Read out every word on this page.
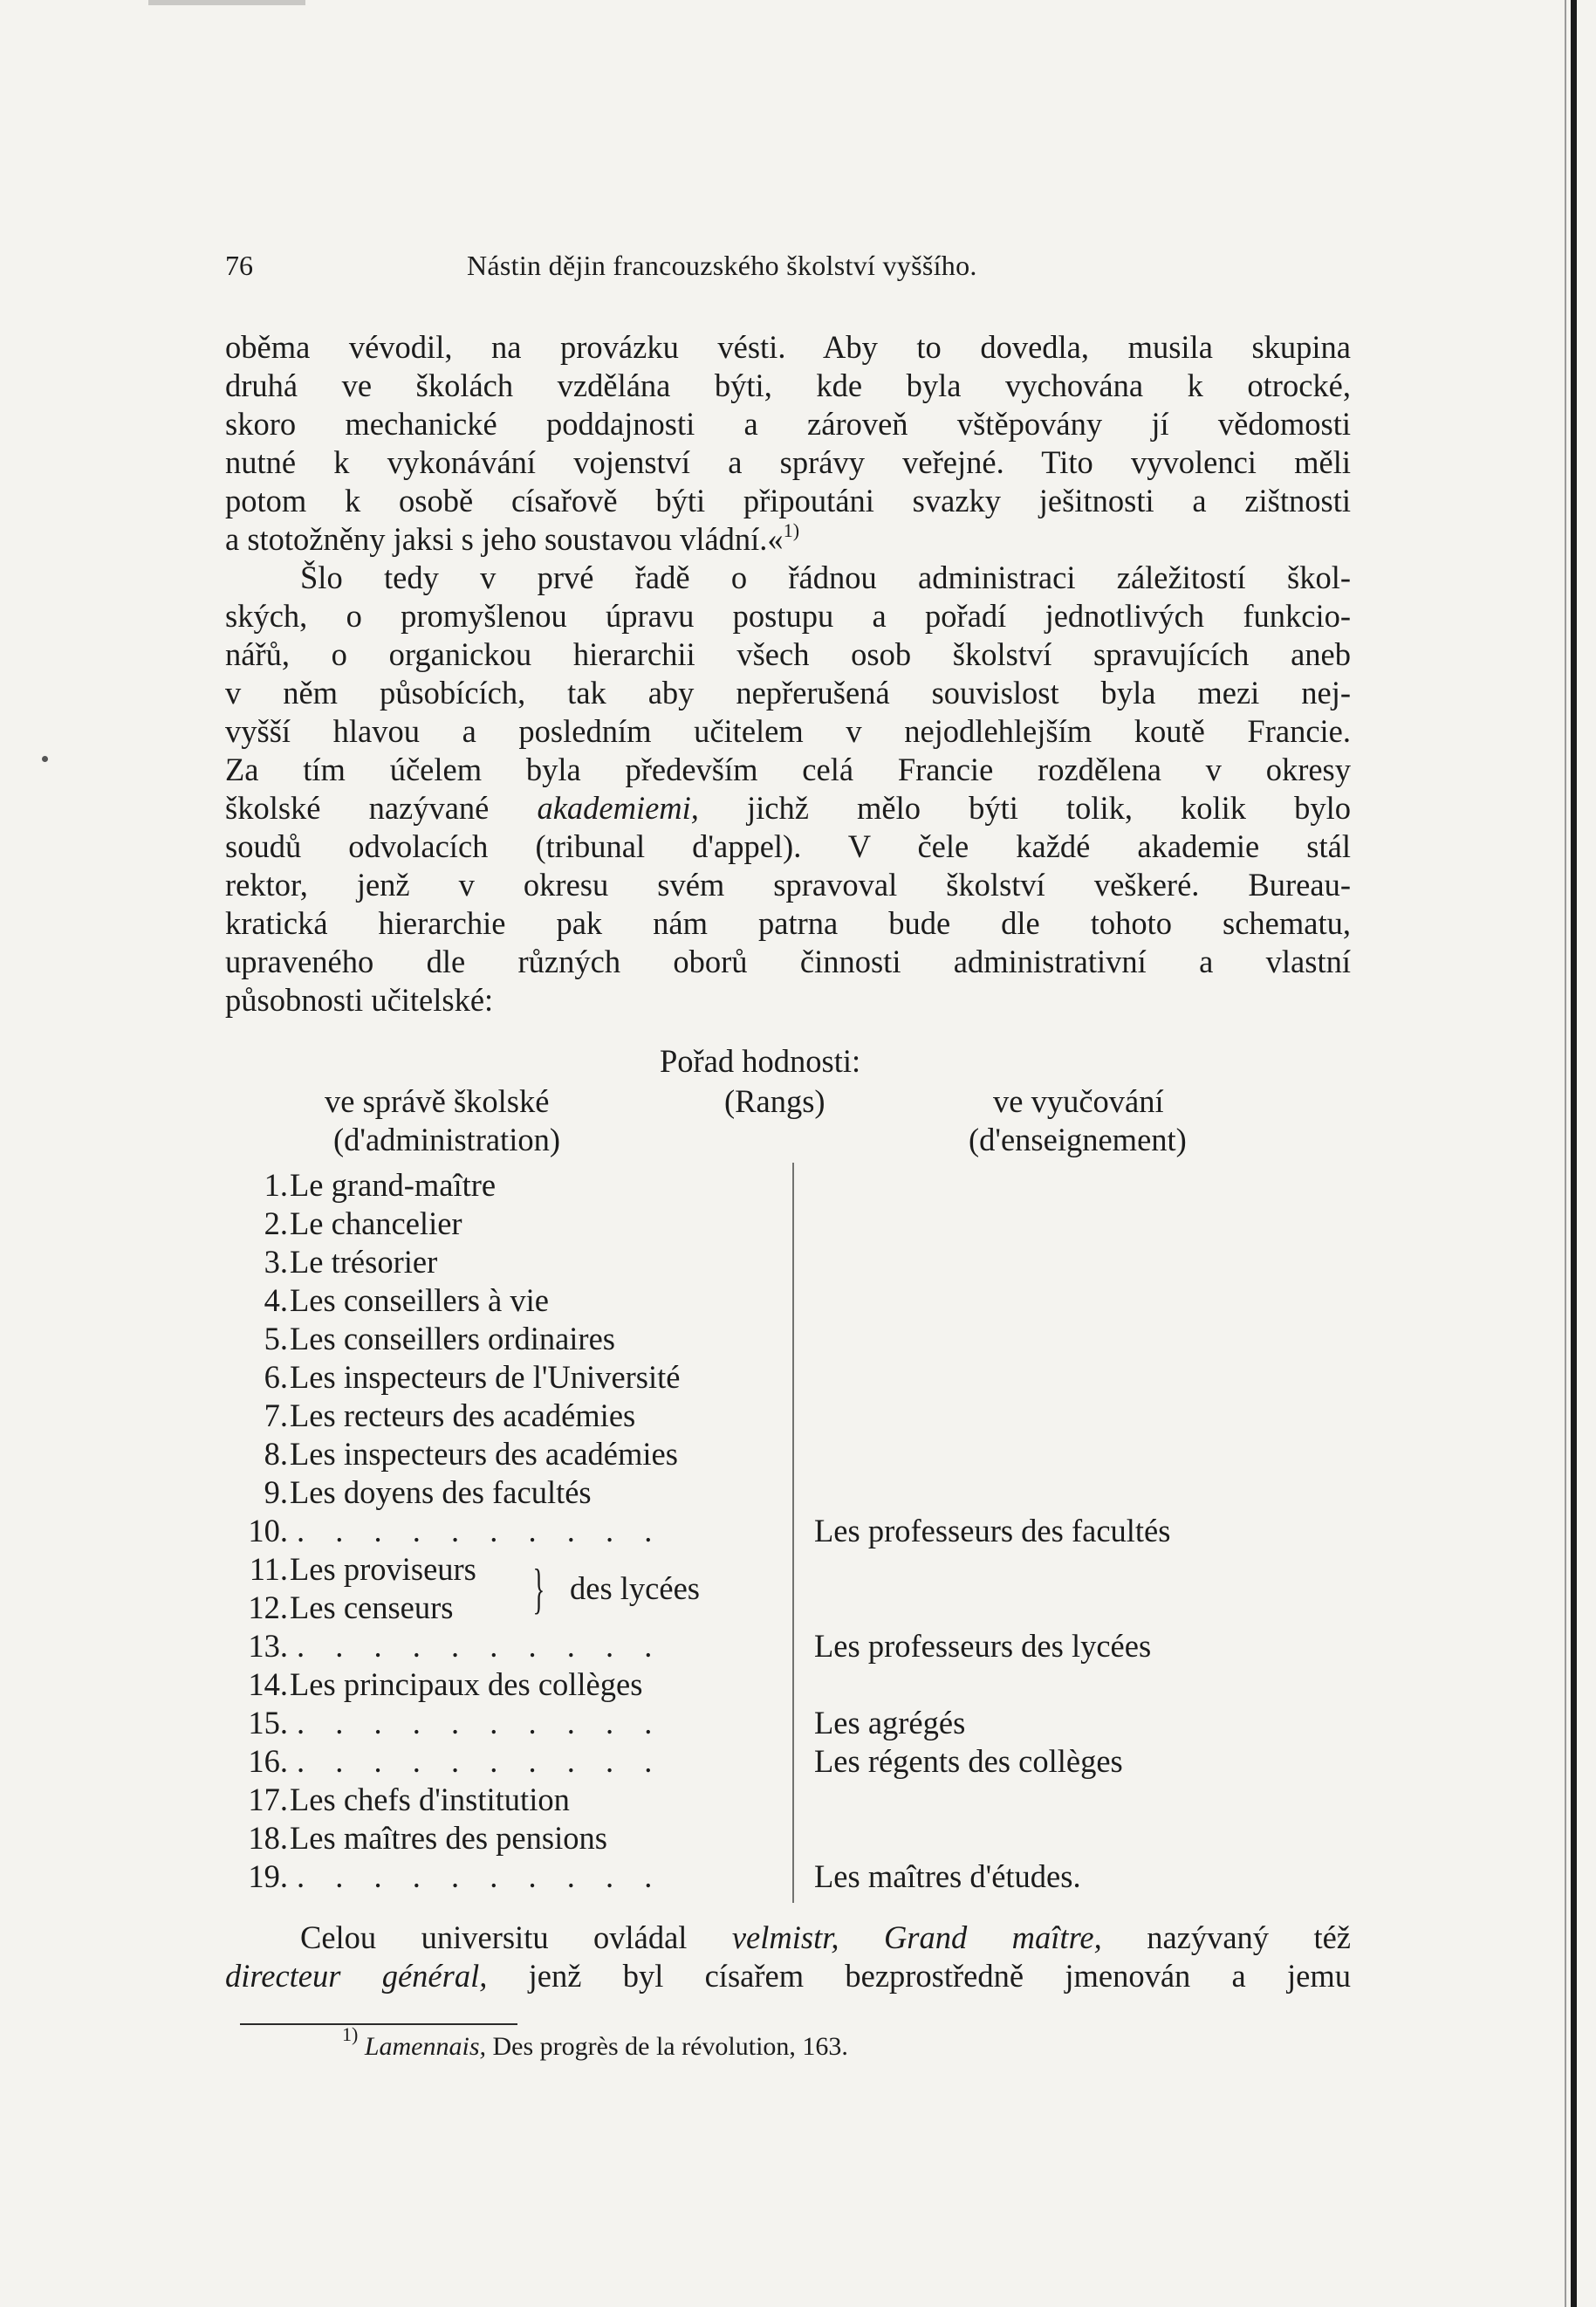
76	Nástin dějin francouzského školství vyššího.
oběma vévodil, na provázku vésti. Aby to dovedla, musila skupina
druhá ve školách vzdělána býti, kde byla vychována k otrocké,
skoro mechanické poddajnosti a zároveň vštěpovány jí vědomosti
nutné k vykonávání vojenství a správy veřejné. Tito vyvolenci měli
potom k osobě císařově býti připoutáni svazky ješitnosti a zištnosti
a stotožněny jaksi s jeho soustavou vládní.«$^{1)}$
Šlo tedy v prvé řadě o řádnou administraci záležitostí škol-
ských, o promyšlenou úpravu postupu a pořadí jednotlivých funkcio-
nářů, o organickou hierarchii všech osob školství spravujících aneb
v něm působících, tak aby nepřerušená souvislost byla mezi nej-
vyšší hlavou a posledním učitelem v nejodlehlejším koutě Francie.
Za tím účelem byla především celá Francie rozdělena v okresy
školské nazývané akademiemi, jichž mělo býti tolik, kolik bylo
soudů odvolacích (tribunal d'appel). V čele každé akademie stál
rektor, jenž v okresu svém spravoval školství veškeré. Bureau-
kratická hierarchie pak nám patrna bude dle tohoto schematu,
upraveného dle různých oborů činnosti administrativní a vlastní
působnosti učitelské:
Pořad hodnosti:
ve správě školské
(d'administration)
(Rangs)	ve vyučování
(d'enseignement)
1. Le grand-maître
2. Le chancelier
3. Le trésorier
4. Les conseillers à vie
5. Les conseillers ordinaires
6. Les inspecteurs de l'Université
7. Les recteurs des académies
8. Les inspecteurs des académies
9. Les doyens des facultés
10. . . . . . . . . . .	Les professeurs des facultés
11. Les proviseurs } des lycées
12. Les censeurs
13. . . . . . . . . . .	Les professeurs des lycées
14. Les principaux des collèges
15. . . . . . . . . . .	Les agrégés
16. . . . . . . . . . .	Les régents des collèges
17. Les chefs d'institution
18. Les maîtres des pensions
19. . . . . . . . . . .	Les maîtres d'études.
Celou universitu ovládal velmistr, Grand maître, nazývaný též
directeur général, jenž byl císařem bezprostředně jmenován a jemu
$^{1)}$ Lamennais, Des progrès de la révolution, 163.
